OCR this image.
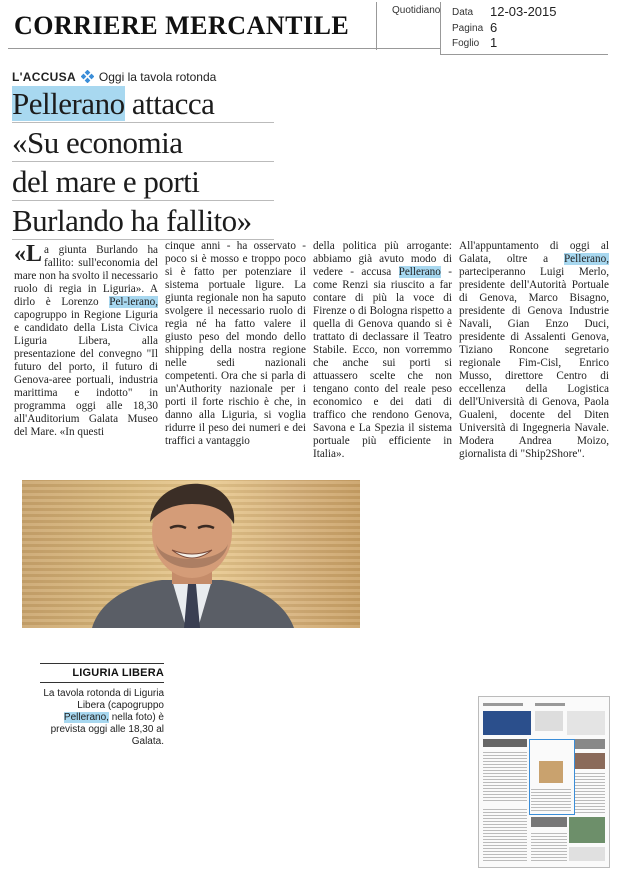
CORRIERE MERCANTILE
Quotidiano Data 12-03-2015
Pagina 6
Foglio 1
L'ACCUSA Oggi la tavola rotonda
Pellerano attacca
«Su economia
del mare e porti
Burlando ha fallito»

«La giunta Burlando ha fallito: sull'economia del mare non ha svolto il necessario ruolo di regia in Liguria». A dirlo è Lorenzo Pel-lerano, capogruppo in Regione Liguria e candidato della Lista Civica Liguria Libera, alla presentazione del convegno "Il futuro del porto, il futuro di Genova-aree portuali, industria marittima e indotto" in programma oggi alle 18,30 all'Auditorium Galata Museo del Mare. «In questi

cinque anni - ha osservato - poco si è mosso e troppo poco si è fatto per potenziare il sistema portuale ligure. La giunta regionale non ha saputo svolgere il necessario ruolo di regia né ha fatto valere il giusto peso del mondo dello shipping della nostra regione nelle sedi nazionali competenti. Ora che si parla di un'Authority nazionale per i porti il forte rischio è che, in danno alla Liguria, si voglia ridurre il peso dei numeri e dei traffici a vantaggio

della politica più arrogante: abbiamo già avuto modo di vedere - accusa Pellerano - come Renzi sia riuscito a far contare di più la voce di Firenze o di Bologna rispetto a quella di Genova quando si è trattato di declassare il Teatro Stabile. Ecco, non vorremmo che anche sui porti si attuassero scelte che non tengano conto del reale peso economico e dei dati di traffico che rendono Genova, Savona e La Spezia il sistema portuale più efficiente in Italia».

All'appuntamento di oggi al Galata, oltre a Pellerano, parteciperanno Luigi Merlo, presidente dell'Autorità Portuale di Genova, Marco Bisagno, presidente di Genova Industrie Navali, Gian Enzo Duci, presidente di Assalenti Genova, Tiziano Roncone segretario regionale Fim-Cisl, Enrico Musso, direttore Centro di eccellenza della Logistica dell'Università di Genova, Paola Gualeni, docente del Diten Università di Ingegneria Navale. Modera Andrea Moizo, giornalista di "Ship2Shore".

LIGURIA LIBERA
La tavola rotonda di Liguria Libera (capogruppo Pellerano, nella foto) è prevista oggi alle 18,30 al Galata.
